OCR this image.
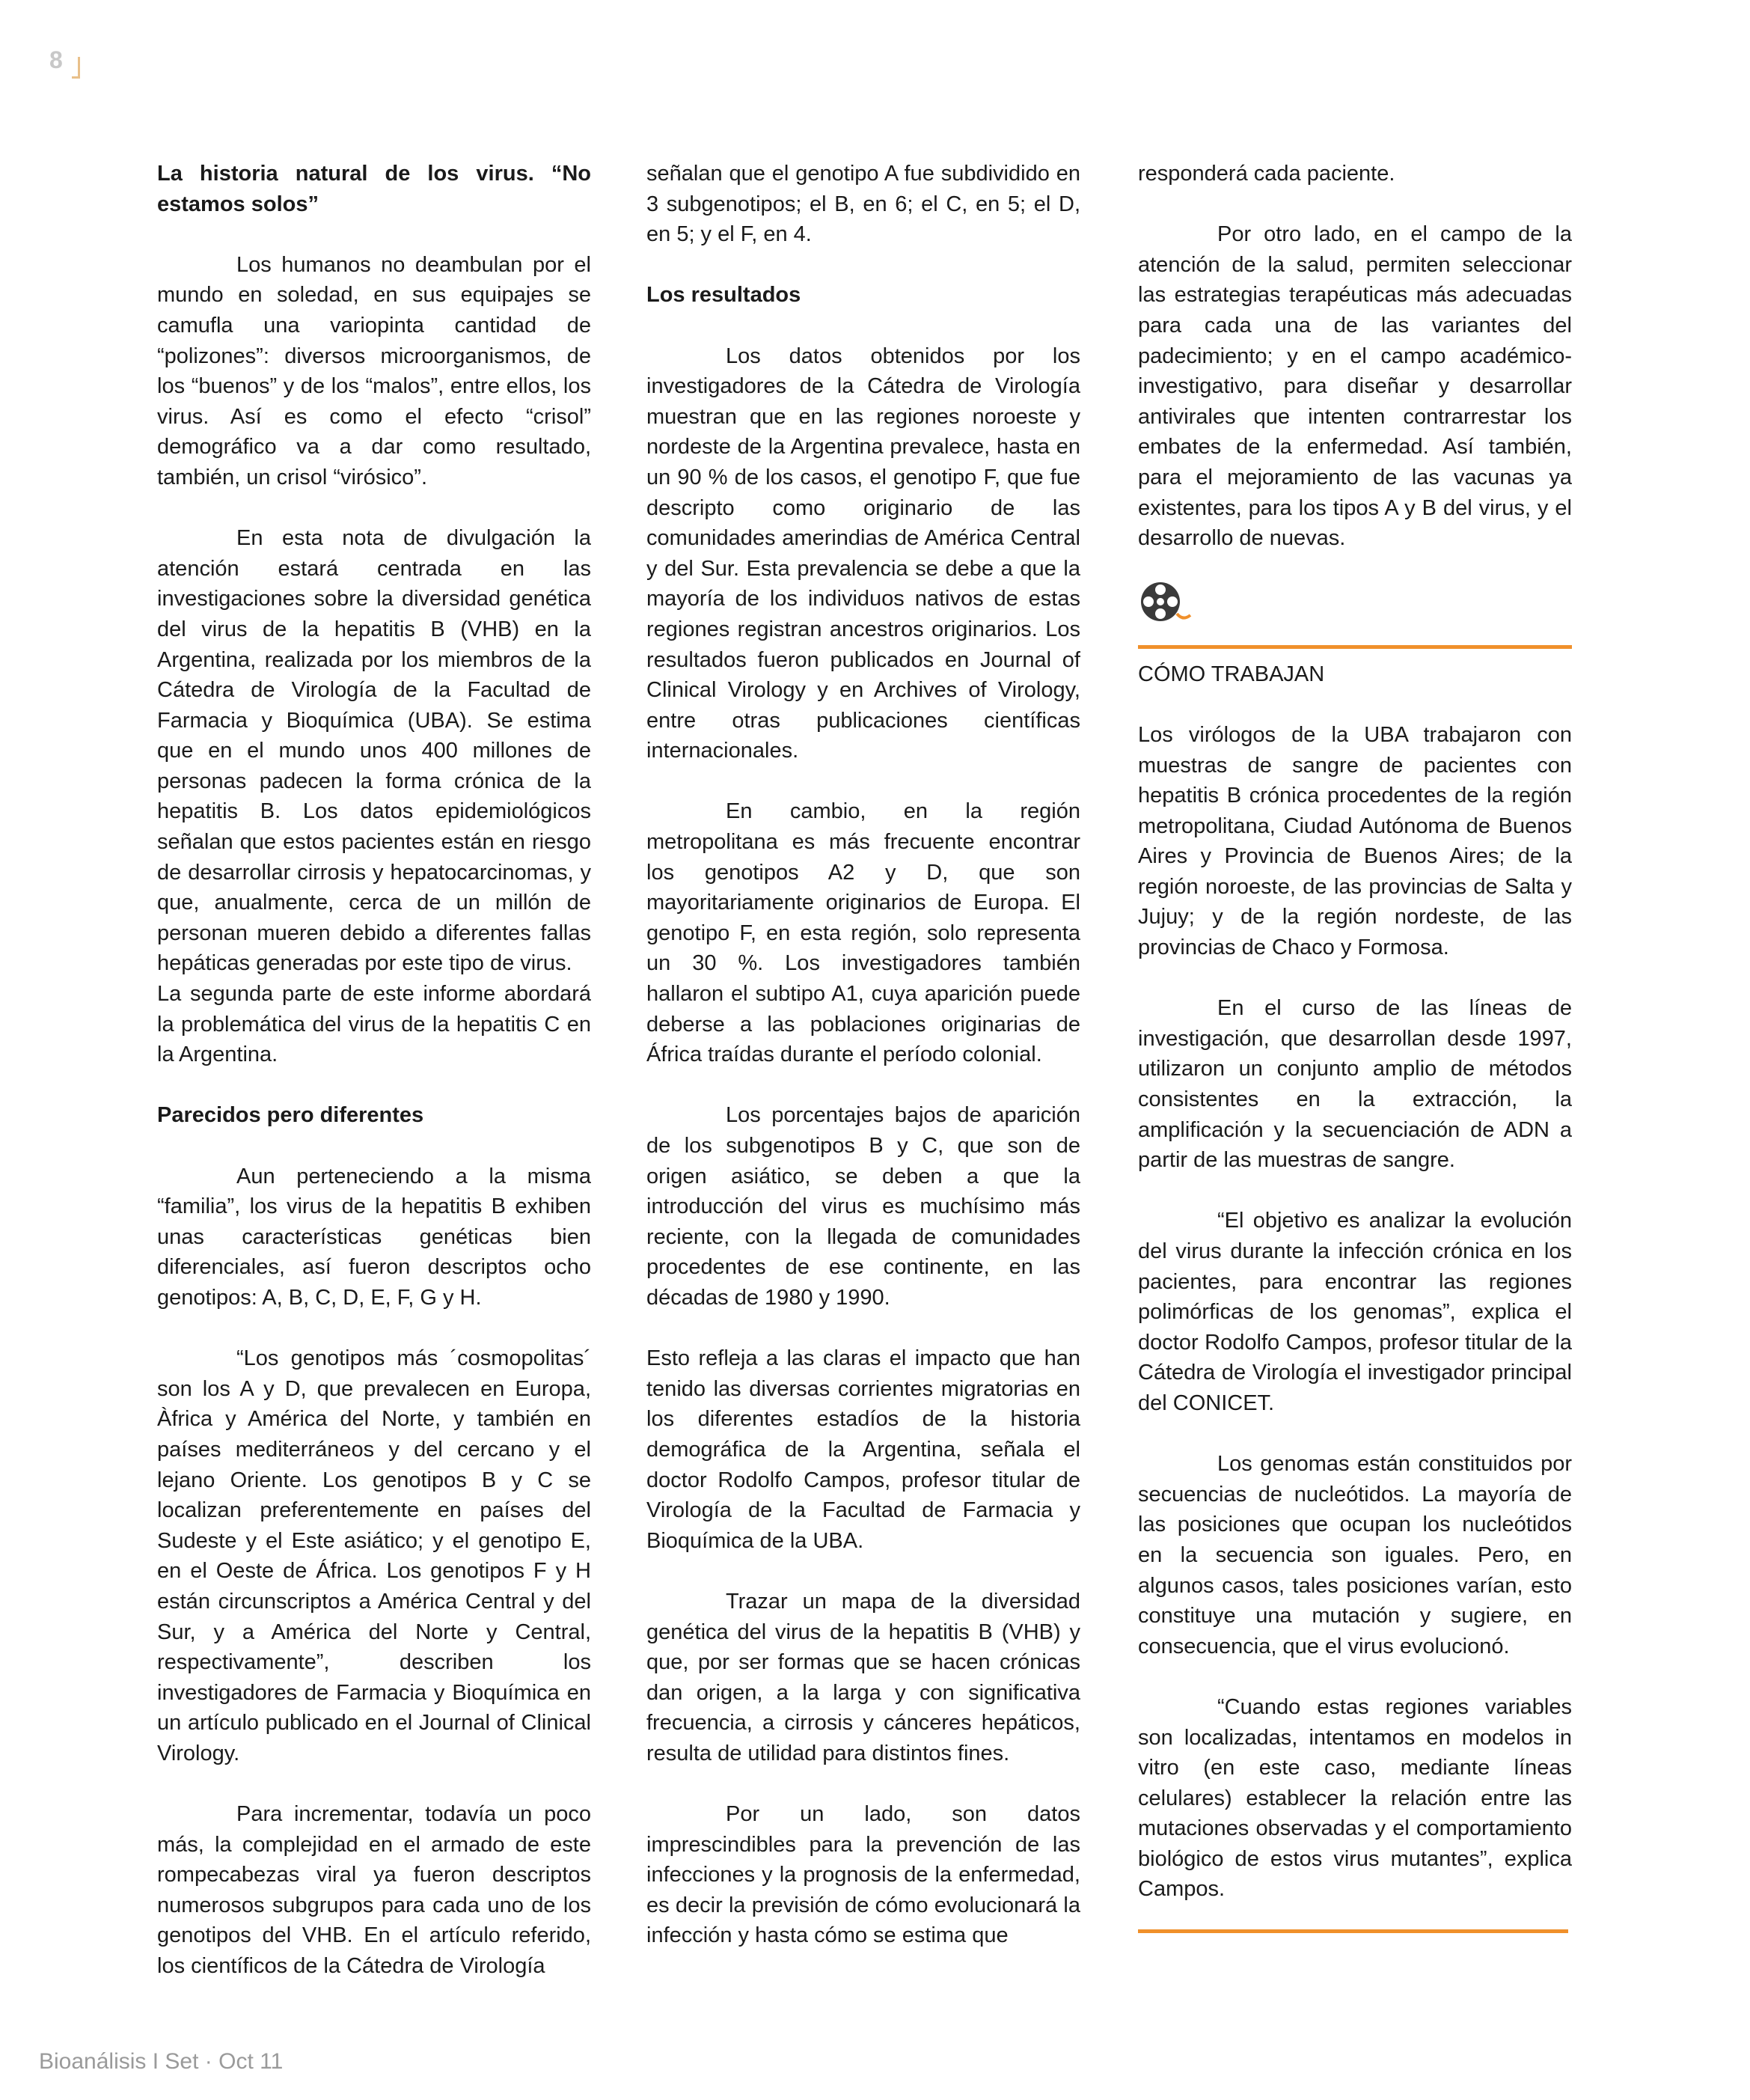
8
La historia natural de los virus. “No estamos solos”

Los humanos no deambulan por el mundo en soledad, en sus equipajes se camufla una variopinta cantidad de “polizones”: diversos microorganismos, de los “buenos” y de los “malos”, entre ellos, los virus. Así es como el efecto “crisol” demográfico va a dar como resultado, también, un crisol “virósico”.

En esta nota de divulgación la atención estará centrada en las investigaciones sobre la diversidad genética del virus de la hepatitis B (VHB) en la Argentina, realizada por los miembros de la Cátedra de Virología de la Facultad de Farmacia y Bioquímica (UBA). Se estima que en el mundo unos 400 millones de personas padecen la forma crónica de la hepatitis B. Los datos epidemiológicos señalan que estos pacientes están en riesgo de desarrollar cirrosis y hepatocarcinomas, y que, anualmente, cerca de un millón de personan mueren debido a diferentes fallas hepáticas generadas por este tipo de virus.

La segunda parte de este informe abordará la problemática del virus de la hepatitis C en la Argentina.

Parecidos pero diferentes

Aun perteneciendo a la misma “familia”, los virus de la hepatitis B exhiben unas características genéticas bien diferenciales, así fueron descriptos ocho genotipos: A, B, C, D, E, F, G y H.

“Los genotipos más ´cosmopolitas´ son los A y D, que prevalecen en Europa, Àfrica y América del Norte, y también en países mediterráneos y del cercano y el lejano Oriente. Los genotipos B y C se localizan preferentemente en países del Sudeste y el Este asiático; y el genotipo E, en el Oeste de África. Los genotipos F y H están circunscriptos a América Central y del Sur, y a América del Norte y Central, respectivamente”, describen los investigadores de Farmacia y Bioquímica en un artículo publicado en el Journal of Clinical Virology.

Para incrementar, todavía un poco más, la complejidad en el armado de este rompecabezas viral ya fueron descriptos numerosos subgrupos para cada uno de los genotipos del VHB. En el artículo referido, los científicos de la Cátedra de Virología

señalan que el genotipo A fue subdividido en 3 subgenotipos; el B, en 6; el C, en 5; el D, en 5; y el F, en 4.

Los resultados

Los datos obtenidos por los investigadores de la Cátedra de Virología muestran que en las regiones noroeste y nordeste de la Argentina prevalece, hasta en un 90 % de los casos, el genotipo F, que fue descripto como originario de las comunidades amerindias de América Central y del Sur. Esta prevalencia se debe a que la mayoría de los individuos nativos de estas regiones registran ancestros originarios. Los resultados fueron publicados en Journal of Clinical Virology y en Archives of Virology, entre otras publicaciones científicas internacionales.

En cambio, en la región metropolitana es más frecuente encontrar los genotipos A2 y D, que son mayoritariamente originarios de Europa. El genotipo F, en esta región, solo representa un 30 %. Los investigadores también hallaron el subtipo A1, cuya aparición puede deberse a las poblaciones originarias de África traídas durante el período colonial.

Los porcentajes bajos de aparición de los subgenotipos B y C, que son de origen asiático, se deben a que la introducción del virus es muchísimo más reciente, con la llegada de comunidades procedentes de ese continente, en las décadas de 1980 y 1990.

Esto refleja a las claras el impacto que han tenido las diversas corrientes migratorias en los diferentes estadíos de la historia demográfica de la Argentina, señala el doctor Rodolfo Campos, profesor titular de Virología de la Facultad de Farmacia y Bioquímica de la UBA.

Trazar un mapa de la diversidad genética del virus de la hepatitis B (VHB) y que, por ser formas que se hacen crónicas dan origen, a la larga y con significativa frecuencia, a cirrosis y cánceres hepáticos, resulta de utilidad para distintos fines.

Por un lado, son datos imprescindibles para la prevención de las infecciones y la prognosis de la enfermedad, es decir la previsión de cómo evolucionará la infección y hasta cómo se estima que

responderá cada paciente.

Por otro lado, en el campo de la atención de la salud, permiten seleccionar las estrategias terapéuticas más adecuadas para cada una de las variantes del padecimiento; y en el campo académico-investigativo, para diseñar y desarrollar antivirales que intenten contrarrestar los embates de la enfermedad. Así también, para el mejoramiento de las vacunas ya existentes, para los tipos A y B del virus, y el desarrollo de nuevas.

CÓMO TRABAJAN

Los virólogos de la UBA trabajaron con muestras de sangre de pacientes con hepatitis B crónica procedentes de la región metropolitana, Ciudad Autónoma de Buenos Aires y Provincia de Buenos Aires; de la región noroeste, de las provincias de Salta y Jujuy; y de la región nordeste, de las provincias de Chaco y Formosa.

En el curso de las líneas de investigación, que desarrollan desde 1997, utilizaron un conjunto amplio de métodos consistentes en la extracción, la amplificación y la secuenciación de ADN a partir de las muestras de sangre.

“El objetivo es analizar la evolución del virus durante la infección crónica en los pacientes, para encontrar las regiones polimórficas de los genomas”, explica el doctor Rodolfo Campos, profesor titular de la Cátedra de Virología el investigador principal del CONICET.

Los genomas están constituidos por secuencias de nucleótidos. La mayoría de las posiciones que ocupan los nucleótidos en la secuencia son iguales. Pero, en algunos casos, tales posiciones varían, esto constituye una mutación y sugiere, en consecuencia, que el virus evolucionó.

“Cuando estas regiones variables son localizadas, intentamos en modelos in vitro (en este caso, mediante líneas celulares) establecer la relación entre las mutaciones observadas y el comportamiento biológico de estos virus mutantes”, explica Campos.

Bioanálisis I Set · Oct 11
